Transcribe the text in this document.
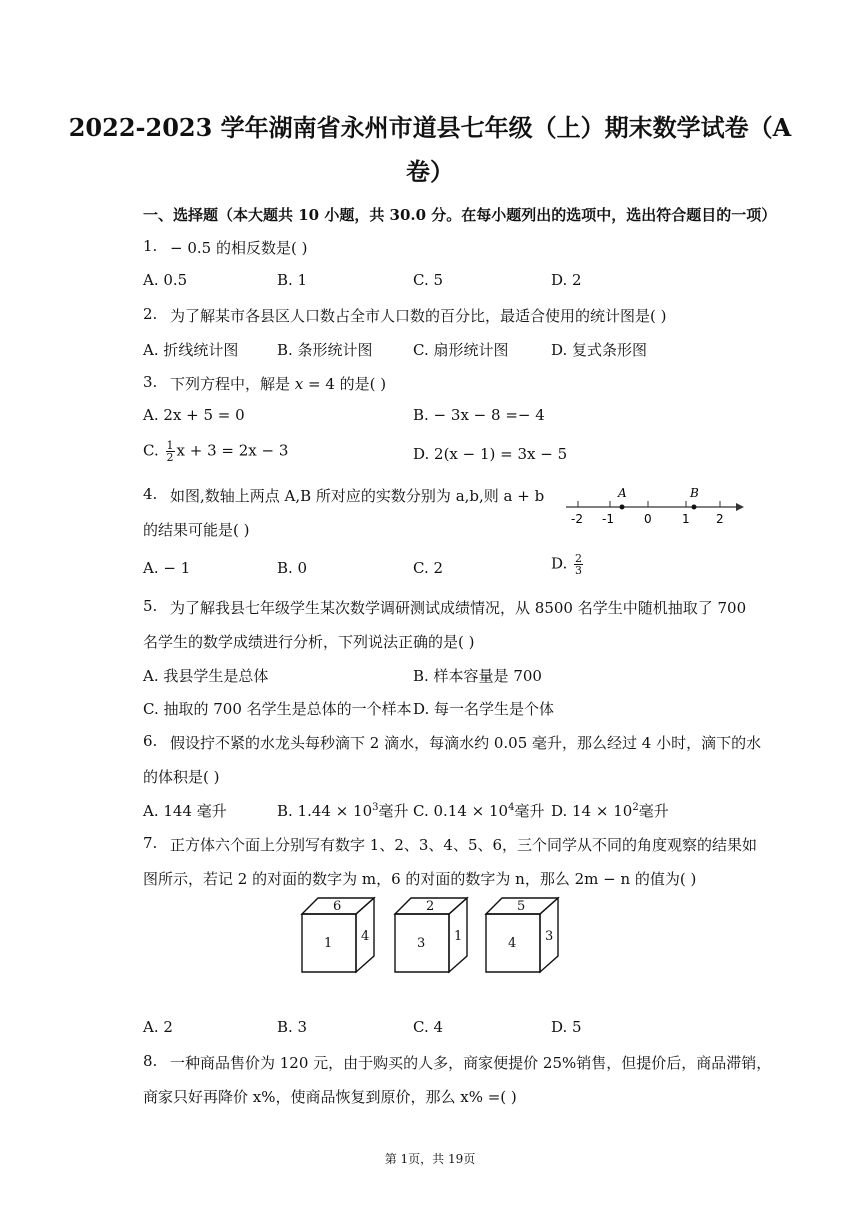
2022-2023 学年湖南省永州市道县七年级（上）期末数学试卷（A
卷）
一、选择题（本大题共 10 小题，共 30.0 分。在每小题列出的选项中，选出符合题目的一项）
1. − 0.5 的相反数是( )
A. 0.5	B. 1	C. 5	D. 2
2. 为了解某市各县区人口数占全市人口数的百分比，最适合使用的统计图是( )
A. 折线统计图	B. 条形统计图	C. 扇形统计图	D. 复式条形图
3. 下列方程中，解是 x = 4 的是( )
A. 2x + 5 = 0	B. − 3x − 8 =− 4
C. $\frac{1}{2}$ x + 3 = 2x − 3	D. 2(x − 1) = 3x − 5
4. 如图,数轴上两点 A,B 所对应的实数分别为 a,b,则 a + b
的结果可能是( )
A	B
-2 -1	0	1 2
A. − 1	B. 0	C. 2	D. $\frac{2}{3}$
5. 为了解我县七年级学生某次数学调研测试成绩情况，从 8500 名学生中随机抽取了 700
名学生的数学成绩进行分析，下列说法正确的是( )
A. 我县学生是总体	B. 样本容量是 700
C. 抽取的 700 名学生是总体的一个样本 D. 每一名学生是个体
6. 假设拧不紧的水龙头每秒滴下 2 滴水，每滴水约 0.05 毫升，那么经过 4 小时，滴下的水
的体积是( )
A. 144 毫升	B. $1.44 \times 10^3$毫升 C. $0.14 \times 10^4$毫升 D. $14 \times 10^2$毫升
7. 正方体六个面上分别写有数字 1、2、3、4、5、6，三个同学从不同的角度观察的结果如
图所示，若记 2 的对面的数字为 m，6 的对面的数字为 n，那么 2m − n 的值为( )
6
1 4
2
3 1
5
4 3
A. 2	B. 3	C. 4	D. 5
8. 一种商品售价为 120 元，由于购买的人多，商家便提价 25%销售，但提价后，商品滞销，
商家只好再降价 x%，使商品恢复到原价，那么 x% =( )
第 1页，共 19页
